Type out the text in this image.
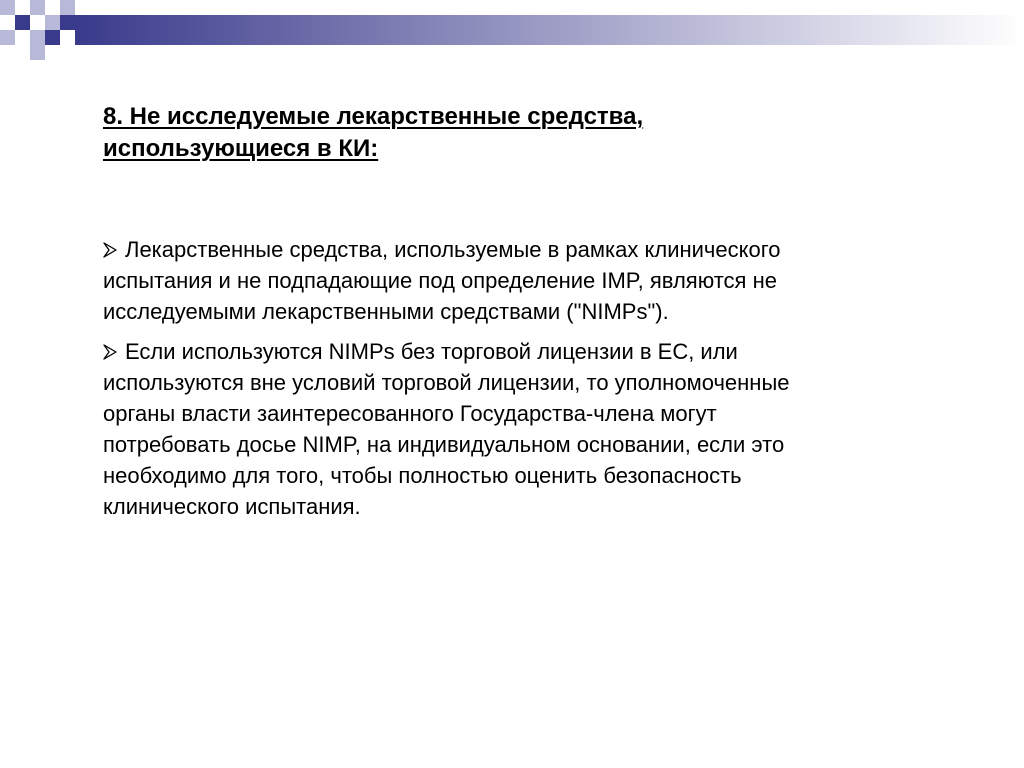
8. Не исследуемые лекарственные средства,
использующиеся в КИ:
Лекарственные средства, используемые в рамках клинического
испытания и не подпадающие под определение IMP, являются не
исследуемыми лекарственными средствами ("NIMPs").
Если используются NIMPs без торговой лицензии в ЕС, или
используются вне условий торговой лицензии, то уполномоченные
органы власти заинтересованного Государства-члена могут
потребовать досье NIMP, на индивидуальном основании, если это
необходимо для того, чтобы полностью оценить безопасность
клинического испытания.
